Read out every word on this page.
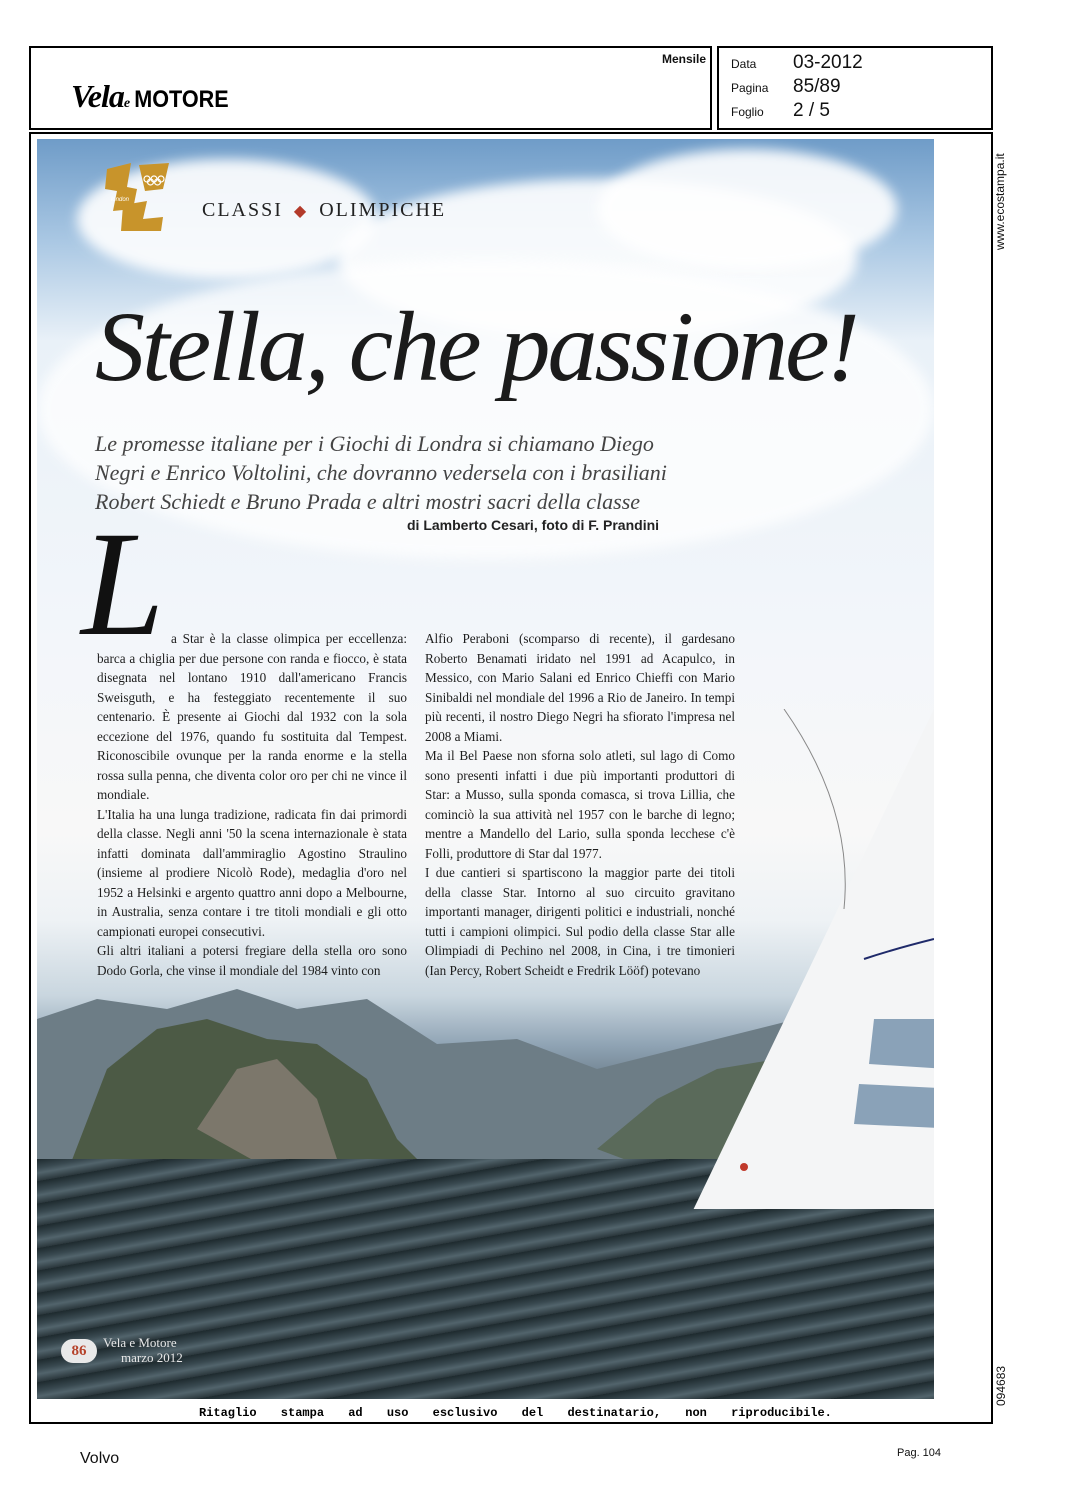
Velae MOTORE
Mensile Data	03-2012
Pagina	85/89
Foglio	2 / 5
london	CLASSI ◆ OLIMPICHE
Stella, che passione!
Le promesse italiane per i Giochi di Londra si chiamano Diego
Negri e Enrico Voltolini, che dovranno vedersela con i brasiliani
Robert Schiedt e Bruno Prada e altri mostri sacri della classe
di Lamberto Cesari, foto di F. Prandini
L a Star è la classe olimpica per eccellenza: barca a chiglia per due persone con randa e fiocco, è stata disegnata nel lontano 1910 dall'americano Francis Sweisguth, e ha festeggiato recentemente il suo centenario. È presente ai Giochi dal 1932 con la sola eccezione del 1976, quando fu sostituita dal Tempest. Riconoscibile ovunque per la randa enorme e la stella rossa sulla penna, che diventa color oro per chi ne vince il mondiale.

L'Italia ha una lunga tradizione, radicata fin dai primordi della classe. Negli anni '50 la scena internazionale è stata infatti dominata dall'ammiraglio Agostino Straulino (insieme al prodiere Nicolò Rode), medaglia d'oro nel 1952 a Helsinki e argento quattro anni dopo a Melbourne, in Australia, senza contare i tre titoli mondiali e gli otto campionati europei consecutivi.

Gli altri italiani a potersi fregiare della stella oro sono Dodo Gorla, che vinse il mondiale del 1984 vinto con

Alfio Peraboni (scomparso di recente), il gardesano Roberto Benamati iridato nel 1991 ad Acapulco, in Messico, con Mario Salani ed Enrico Chieffi con Mario Sinibaldi nel mondiale del 1996 a Rio de Janeiro. In tempi più recenti, il nostro Diego Negri ha sfiorato l'impresa nel 2008 a Miami.

Ma il Bel Paese non sforna solo atleti, sul lago di Como sono presenti infatti i due più importanti produttori di Star: a Musso, sulla sponda comasca, si trova Lillia, che cominciò la sua attività nel 1957 con le barche di legno; mentre a Mandello del Lario, sulla sponda lecchese c'è Folli, produttore di Star dal 1977.

I due cantieri si spartiscono la maggior parte dei titoli della classe Star. Intorno al suo circuito gravitano importanti manager, dirigenti politici e industriali, nonché tutti i campioni olimpici. Sul podio della classe Star alle Olimpiadi di Pechino nel 2008, in Cina, i tre timonieri (Ian Percy, Robert Scheidt e Fredrik Lööf) potevano

86
Vela e Motore
marzo 2012
Ritaglio stampa ad uso esclusivo del destinatario, non riproducibile.
www.ecostampa.it
094683
Volvo	Pag. 104
